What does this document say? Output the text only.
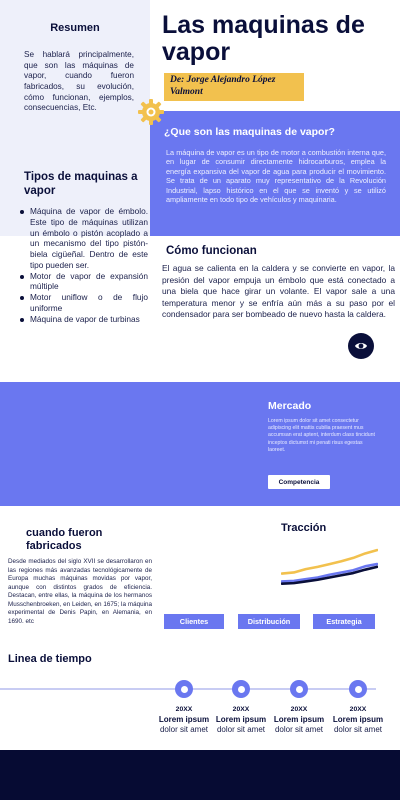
Resumen
Se hablará principalmente, que son las máquinas de vapor, cuando fueron fabricados, su evolución, cómo funcionan, ejemplos, consecuencias, Etc.
Las maquinas de vapor
De: Jorge Alejandro López Valmont
¿Que son las maquinas de vapor?
La máquina de vapor es un tipo de motor a combustión interna que, en lugar de consumir directamente hidrocarburos, emplea la energía expansiva del vapor de agua para producir el movimiento. Se trata de un aparato muy representativo de la Revolución Industrial, lapso histórico en el que se inventó y se utilizó ampliamente en todo tipo de vehículos y maquinaria.
Tipos de maquinas a vapor
Máquina de vapor de émbolo. Este tipo de máquinas utilizan un émbolo o pistón acoplado a un mecanismo del tipo pistón-biela cigüeñal. Dentro de este tipo pueden ser.
Motor de vapor de expansión múltiple
Motor uniflow o de flujo uniforme
Máquina de vapor de turbinas
Cómo funcionan
El agua se calienta en la caldera y se convierte en vapor, la presión del vapor empuja un émbolo que está conectado a una biela que hace girar un volante. El vapor sale a una temperatura menor y se enfría aún más a su paso por el condensador para ser bombeado de nuevo hasta la caldera.
Mercado
Lorem ipsum dolor sit amet consectetur adipiscing elit mattis cubilia praesent mus accumsan erat aptent, interdum class tincidunt inceptos dictumst mi penati risus egestas laoreet.
Competencia
cuando fueron fabricados
Desde mediados del siglo XVII se desarrollaron en las regiones más avanzadas tecnológicamente de Europa muchas máquinas movidas por vapor, aunque con distintos grados de eficiencia. Destacan, entre ellas, la máquina de los hermanos Musschenbroeken, en Leiden, en 1675; la máquina experimental de Denis Papin, en Alemania, en 1690. etc
Tracción
Clientes	Distribución	Estrategia
Linea de tiempo
20XX
Lorem ipsum
dolor sit amet
20XX
Lorem ipsum
dolor sit amet
20XX
Lorem ipsum
dolor sit amet
20XX
Lorem ipsum
dolor sit amet
